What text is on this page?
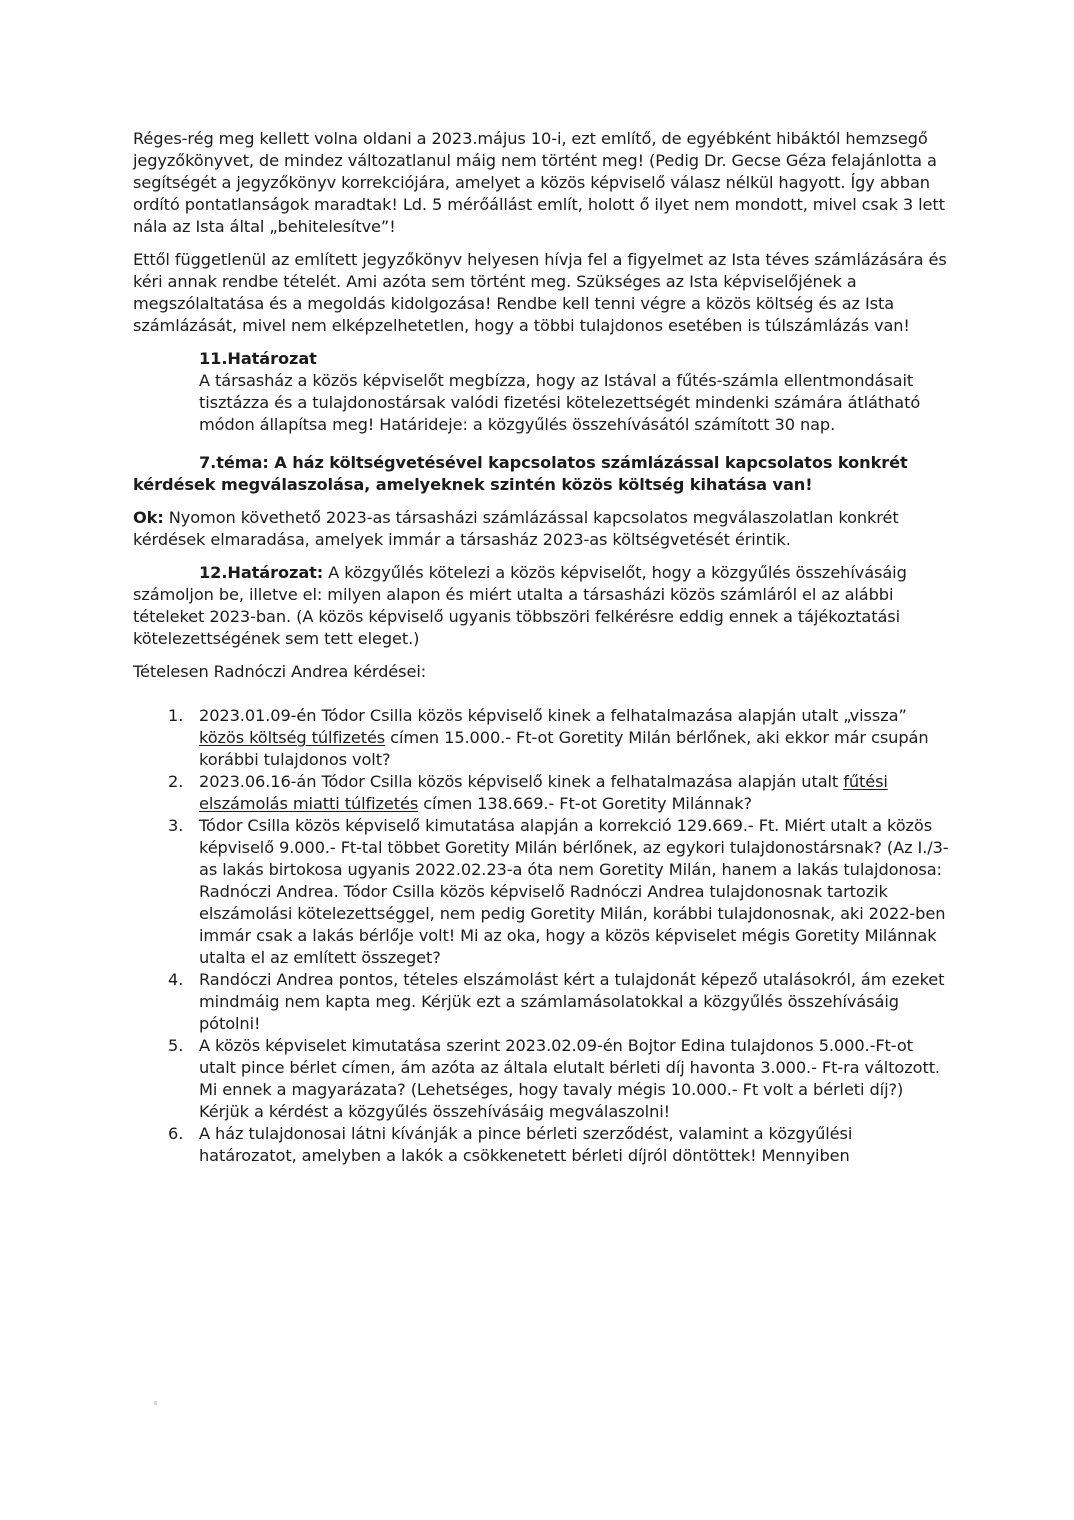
Réges-rég meg kellett volna oldani a 2023.május 10-i, ezt említő, de egyébként hibáktól hemzsegő jegyzőkönyvet, de mindez változatlanul máig nem történt meg! (Pedig Dr. Gecse Géza felajánlotta a segítségét a jegyzőkönyv korrekciójára, amelyet a közös képviselő válasz nélkül hagyott. Így abban ordító pontatlanságok maradtak! Ld. 5 mérőállást említ, holott ő ilyet nem mondott, mivel csak 3 lett nála az Ista által „behitelesítve”!

Ettől függetlenül az említett jegyzőkönyv helyesen hívja fel a figyelmet az Ista téves számlázására és kéri annak rendbe tételét. Ami azóta sem történt meg. Szükséges az Ista képviselőjének a megszólaltatása és a megoldás kidolgozása! Rendbe kell tenni végre a közös költség és az Ista számlázását, mivel nem elképzelhetetlen, hogy a többi tulajdonos esetében is túlszámlázás van!

11.Határozat
A társasház a közös képviselőt megbízza, hogy az Istával a fűtés-számla ellentmondásait tisztázza és a tulajdonostársak valódi fizetési kötelezettségét mindenki számára átlátható módon állapítsa meg! Határideje: a közgyűlés összehívásától számított 30 nap.

7.téma: A ház költségvetésével kapcsolatos számlázással kapcsolatos konkrét kérdések megválaszolása, amelyeknek szintén közös költség kihatása van!

Ok: Nyomon követhető 2023-as társasházi számlázással kapcsolatos megválaszolatlan konkrét kérdések elmaradása, amelyek immár a társasház 2023-as költségvetését érintik.

12.Határozat: A közgyűlés kötelezi a közös képviselőt, hogy a közgyűlés összehívásáig számoljon be, illetve el: milyen alapon és miért utalta a társasházi közös számláról el az alábbi tételeket 2023-ban. (A közös képviselő ugyanis többszöri felkérésre eddig ennek a tájékoztatási kötelezettségének sem tett eleget.)

Tételesen Radnóczi Andrea kérdései:

1. 2023.01.09-én Tódor Csilla közös képviselő kinek a felhatalmazása alapján utalt „vissza” közös költség túlfizetés címen 15.000.- Ft-ot Goretity Milán bérlőnek, aki ekkor már csupán korábbi tulajdonos volt?
2. 2023.06.16-án Tódor Csilla közös képviselő kinek a felhatalmazása alapján utalt fűtési elszámolás miatti túlfizetés címen 138.669.- Ft-ot Goretity Milánnak?
3. Tódor Csilla közös képviselő kimutatása alapján a korrekció 129.669.- Ft. Miért utalt a közös képviselő 9.000.- Ft-tal többet Goretity Milán bérlőnek, az egykori tulajdonostársnak? (Az I./3-as lakás birtokosa ugyanis 2022.02.23-a óta nem Goretity Milán, hanem a lakás tulajdonosa: Radnóczi Andrea. Tódor Csilla közös képviselő Radnóczi Andrea tulajdonosnak tartozik elszámolási kötelezettséggel, nem pedig Goretity Milán, korábbi tulajdonosnak, aki 2022-ben immár csak a lakás bérlője volt! Mi az oka, hogy a közös képviselet mégis Goretity Milánnak utalta el az említett összeget?
4. Randóczi Andrea pontos, tételes elszámolást kért a tulajdonát képező utalásokról, ám ezeket mindmáig nem kapta meg. Kérjük ezt a számlamásolatokkal a közgyűlés összehívásáig pótolni!
5. A közös képviselet kimutatása szerint 2023.02.09-én Bojtor Edina tulajdonos 5.000.-Ft-ot utalt pince bérlet címen, ám azóta az általa elutalt bérleti díj havonta 3.000.- Ft-ra változott. Mi ennek a magyarázata? (Lehetséges, hogy tavaly mégis 10.000.- Ft volt a bérleti díj?) Kérjük a kérdést a közgyűlés összehívásáig megválaszolni!
6. A ház tulajdonosai látni kívánják a pince bérleti szerződést, valamint a közgyűlési határozatot, amelyben a lakók a csökkenetett bérleti díjról döntöttek! Mennyiben
